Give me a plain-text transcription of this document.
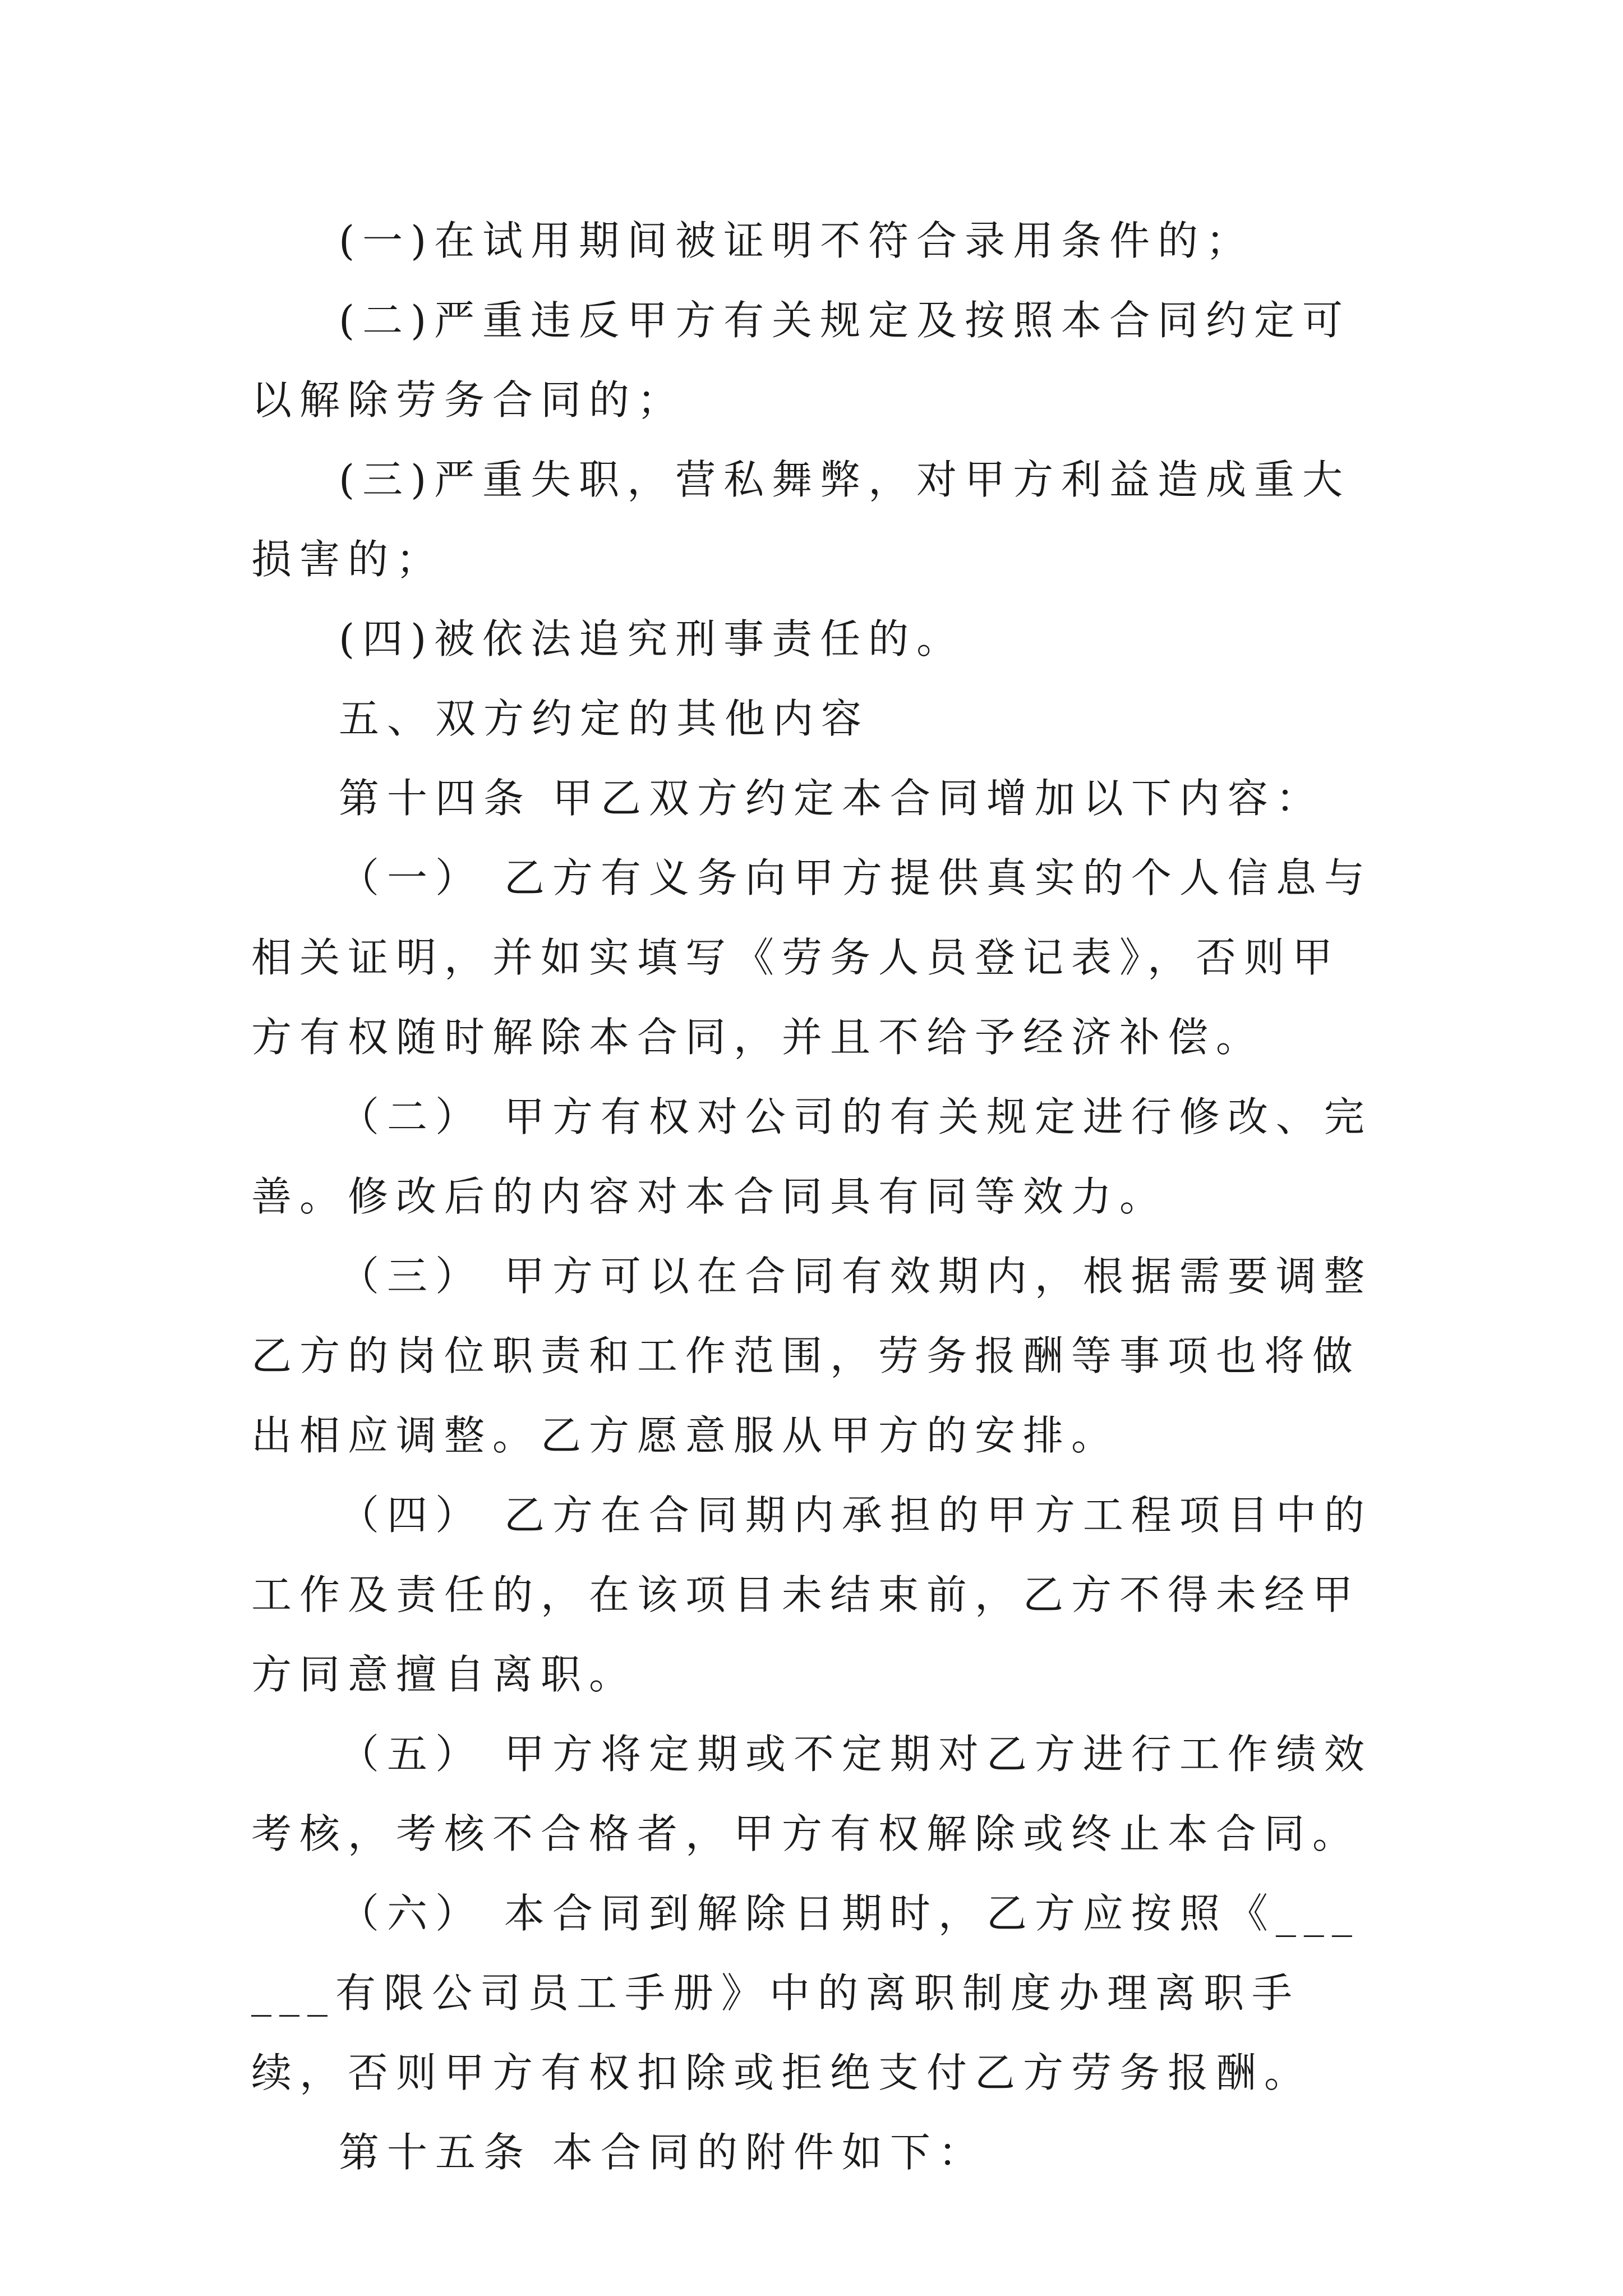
(一)在试用期间被证明不符合录用条件的；

(二)严重违反甲方有关规定及按照本合同约定可以解除劳务合同的；

(三)严重失职，营私舞弊，对甲方利益造成重大损害的；

(四)被依法追究刑事责任的。

五、双方约定的其他内容

第十四条 甲乙双方约定本合同增加以下内容：

（一） 乙方有义务向甲方提供真实的个人信息与相关证明，并如实填写《劳务人员登记表》，否则甲方有权随时解除本合同，并且不给予经济补偿。

（二） 甲方有权对公司的有关规定进行修改、完善。修改后的内容对本合同具有同等效力。

（三） 甲方可以在合同有效期内，根据需要调整乙方的岗位职责和工作范围，劳务报酬等事项也将做出相应调整。乙方愿意服从甲方的安排。

（四） 乙方在合同期内承担的甲方工程项目中的工作及责任的，在该项目未结束前，乙方不得未经甲方同意擅自离职。

（五） 甲方将定期或不定期对乙方进行工作绩效考核，考核不合格者，甲方有权解除或终止本合同。

（六） 本合同到解除日期时，乙方应按照《______有限公司员工手册》中的离职制度办理离职手续，否则甲方有权扣除或拒绝支付乙方劳务报酬。

第十五条 本合同的附件如下：
